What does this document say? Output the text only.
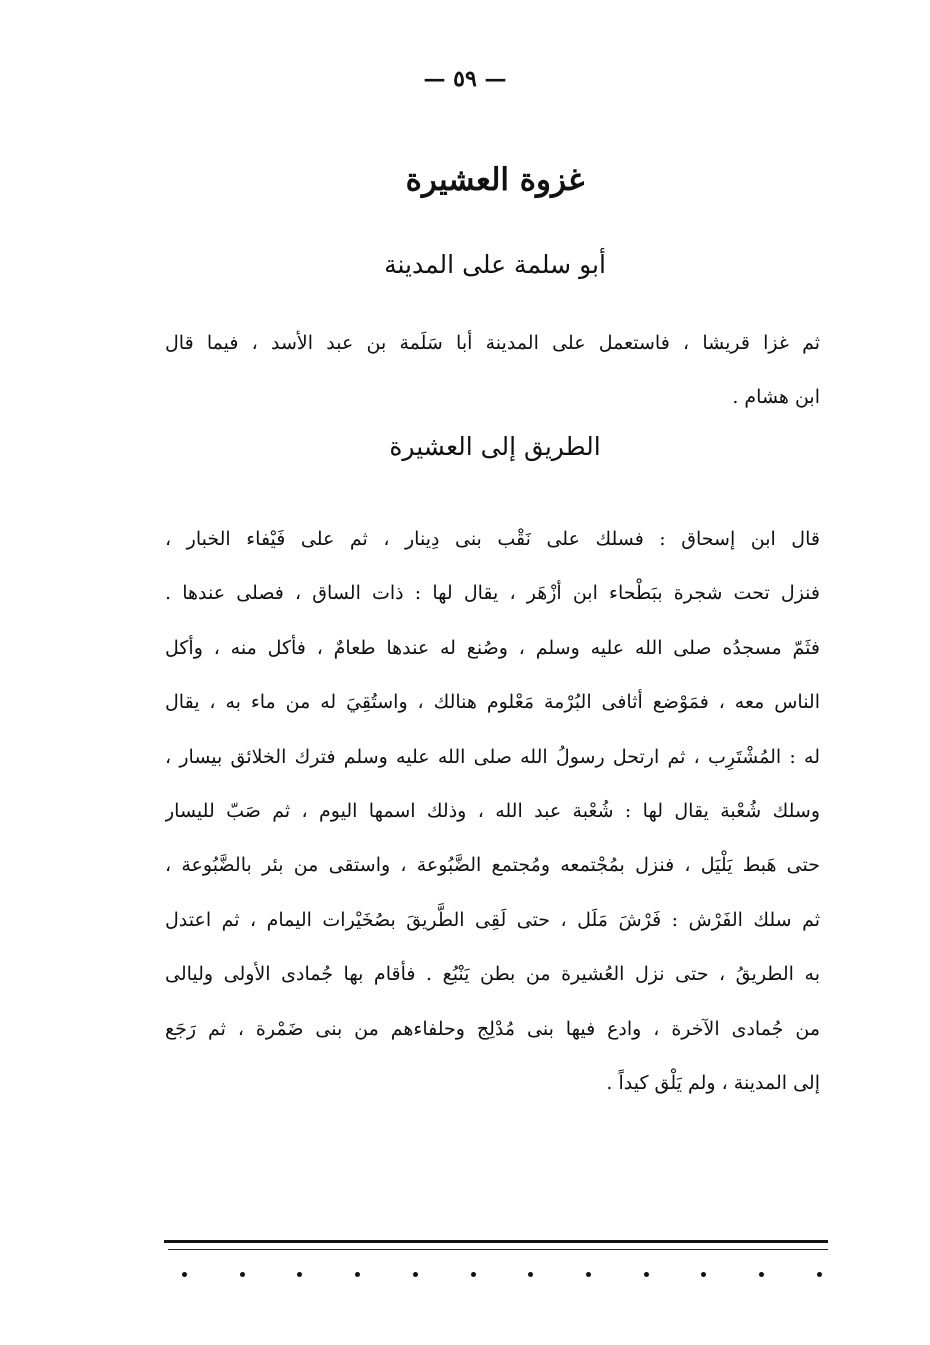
— ٥٩ —
غزوة العشيرة
أبو سلمة على المدينة
ثم غزا قريشا ، فاستعمل على المدينة أبا سَلَمة بن عبد الأسد ، فيما قال
ابن هشام .
الطريق إلى العشيرة
قال ابن إسحاق : فسلك على نَقْب بنى دِينار ، ثم على فَيْفاء الخبار ،
فنزل تحت شجرة ببَطْحاء ابن أزْهَر ، يقال لها : ذات الساق ، فصلى عندها .
فثَمّ مسجدُه صلى الله عليه وسلم ، وصُنع له عندها طعامٌ ، فأكل منه ، وأكل
الناس معه ، فمَوْضع أثافى البُرْمة مَعْلوم هنالك ، واستُقِيَ له من ماء به ، يقال
له : المُشْتَرِب ، ثم ارتحل رسولُ الله صلى الله عليه وسلم فترك الخلائق بيسار ،
وسلك شُعْبة يقال لها : شُعْبة عبد الله ، وذلك اسمها اليوم ، ثم صَبّ لليسار
حتى هَبط يَلْيَل ، فنزل بمُجْتمعه ومُجتمع الضَّبُوعة ، واستقى من بئر بالضَّبُوعة ،
ثم سلك الفَرْش : فَرْشَ مَلَل ، حتى لَقِى الطَّريقَ بصُخَيْرات اليمام ، ثم اعتدل
به الطريقُ ، حتى نزل العُشيرة من بطن يَنْبُع . فأقام بها جُمادى الأولى وليالى
من جُمادى الآخرة ، وادع فيها بنى مُدْلِج وحلفاءهم من بنى ضَمْرة ، ثم رَجَع
إلى المدينة ، ولم يَلْق كيداً .
